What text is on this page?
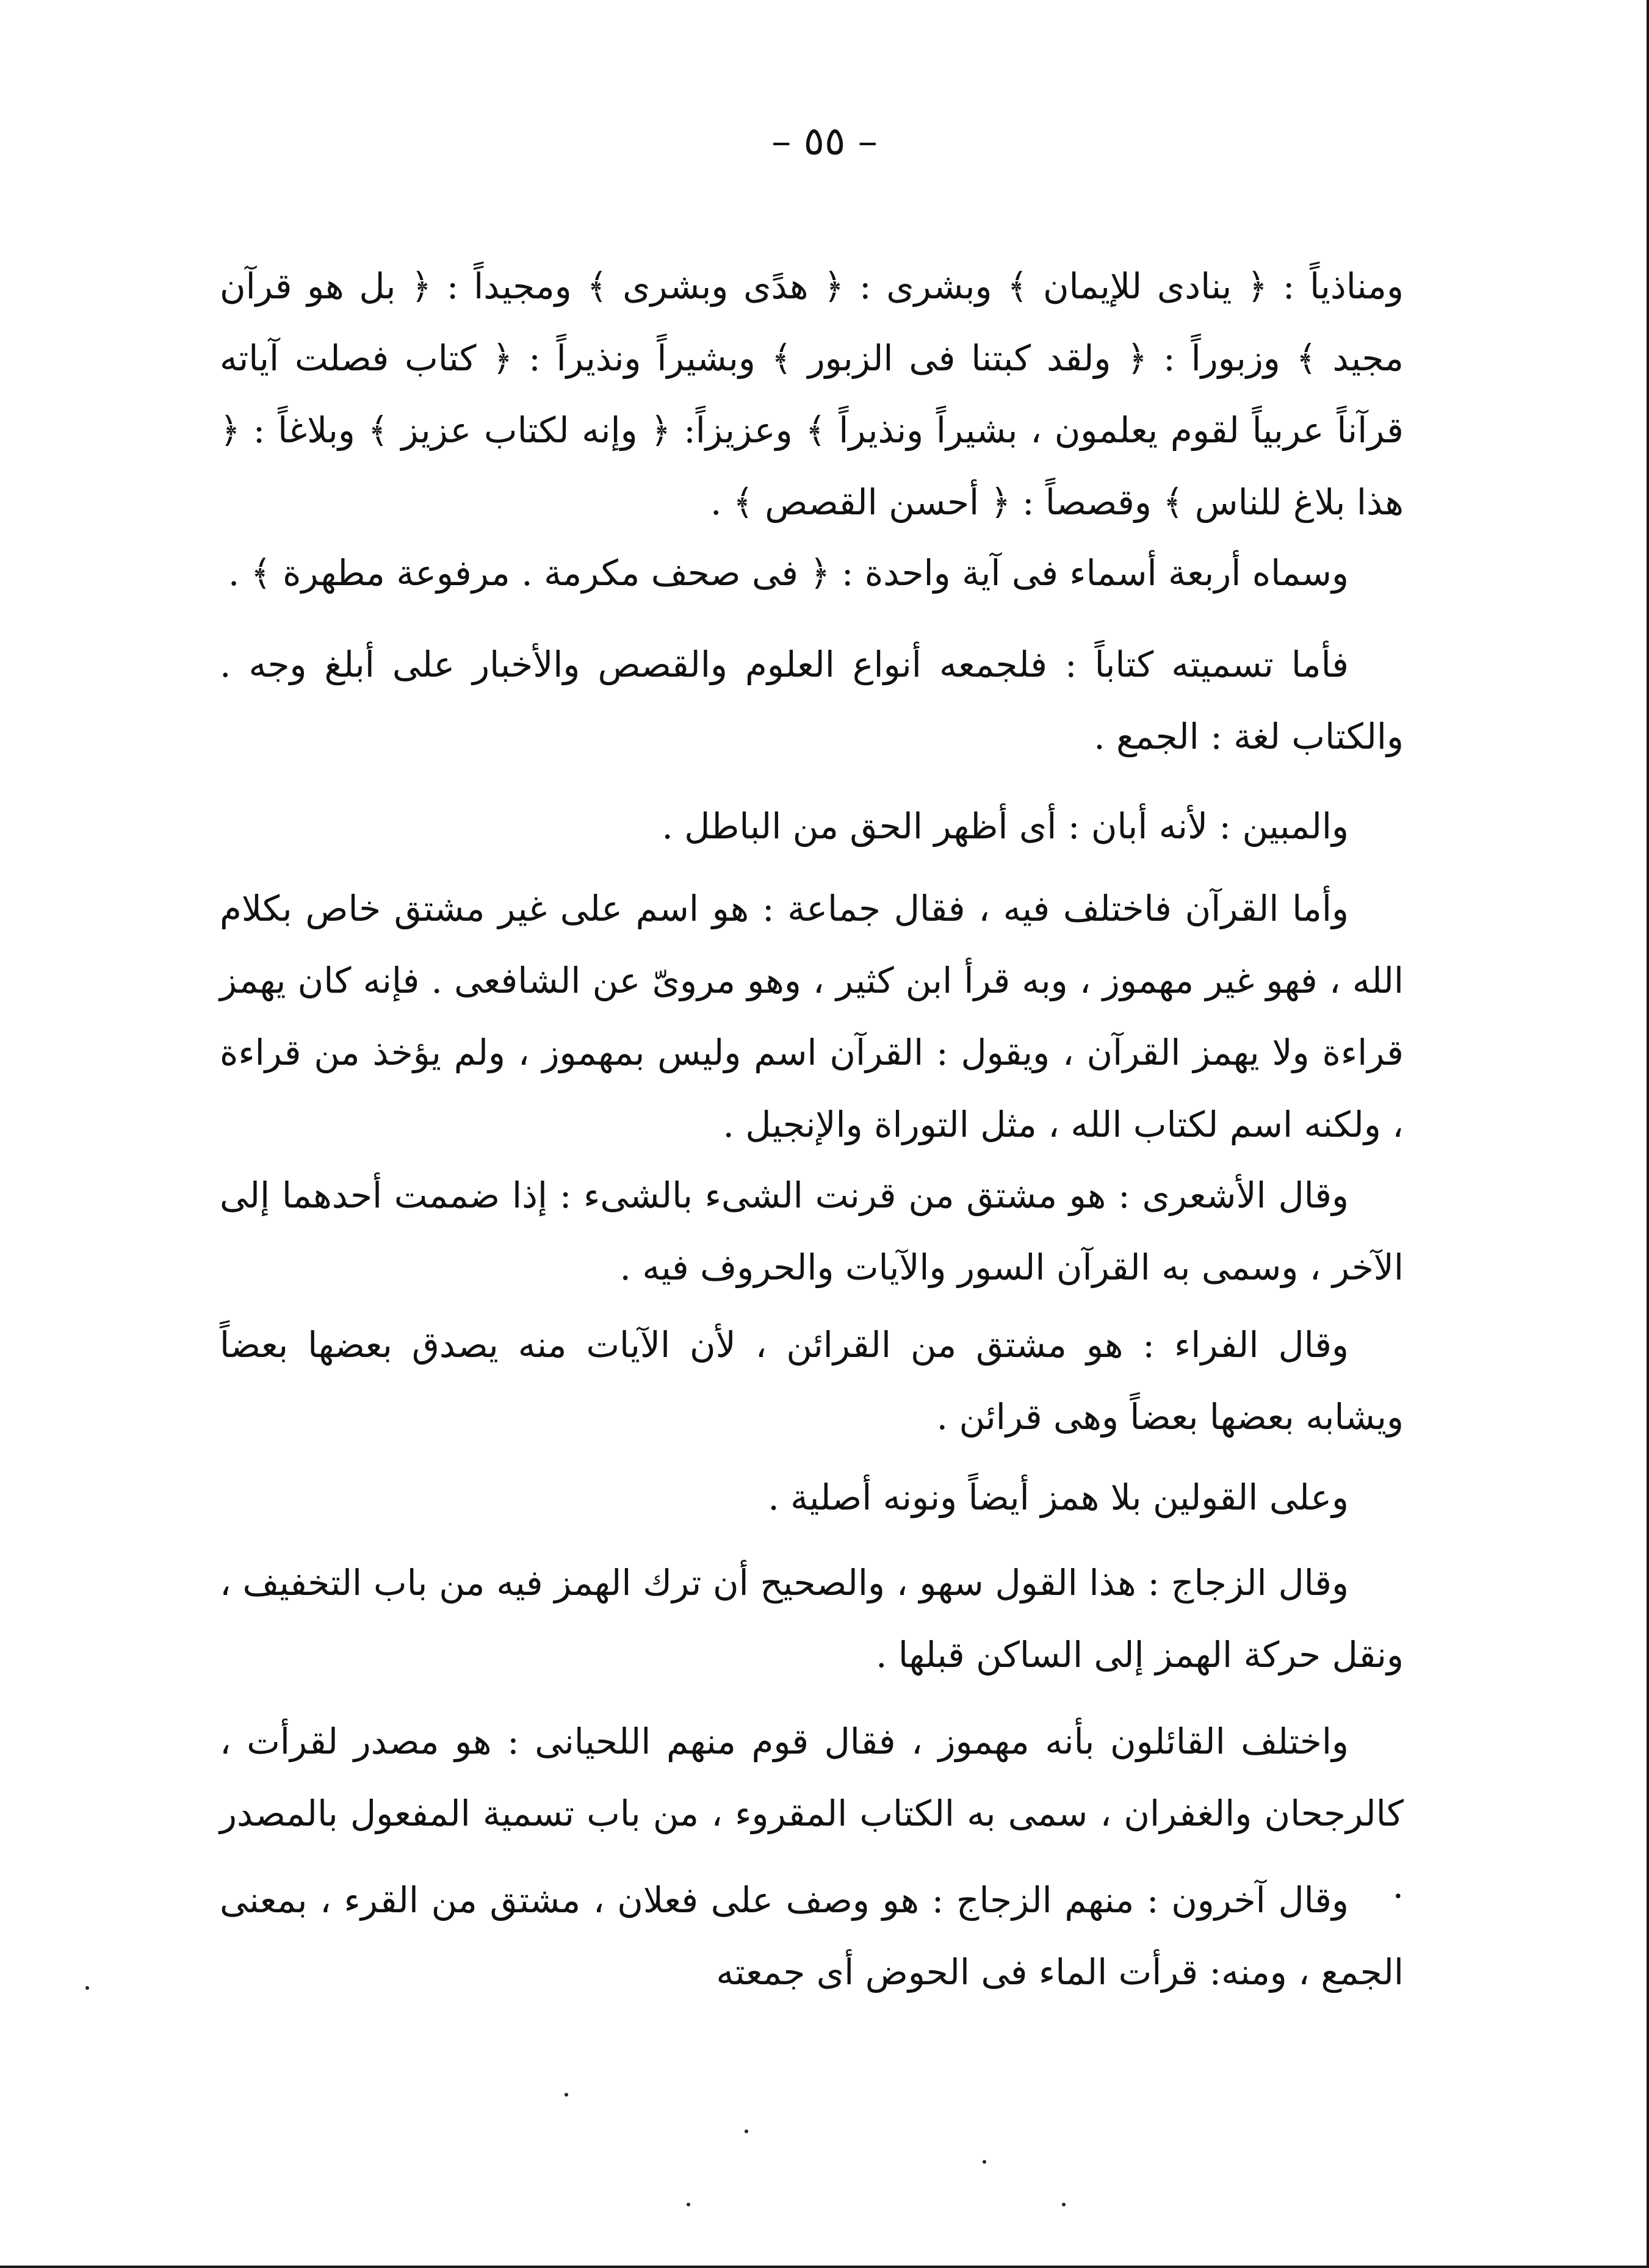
– ٥٥ –

ومناذياً : ﴿ ينادى للإيمان ﴾ وبشرى : ﴿ هدًى وبشرى ﴾ ومجيداً : ﴿ بل هو قرآن مجيد ﴾ وزبوراً : ﴿ ولقد كبتنا فى الزبور ﴾ وبشيراً ونذيراً : ﴿ كتاب فصلت آياته قرآناً عربياً لقوم يعلمون ، بشيراً ونذيراً ﴾ وعزيزاً: ﴿ وإنه لكتاب عزيز ﴾ وبلاغاً : ﴿ هذا بلاغ للناس ﴾ وقصصاً : ﴿ أحسن القصص ﴾ .

وسماه أربعة أسماء فى آية واحدة : ﴿ فى صحف مكرمة . مرفوعة مطهرة ﴾ .

فأما تسميته كتاباً : فلجمعه أنواع العلوم والقصص والأخبار على أبلغ وجه . والكتاب لغة : الجمع .

والمبين : لأنه أبان : أى أظهر الحق من الباطل .

وأما القرآن فاختلف فيه ، فقال جماعة : هو اسم على غير مشتق خاص بكلام الله ، فهو غير مهموز ، وبه قرأ ابن كثير ، وهو مروىّ عن الشافعى . فإنه كان يهمز قراءة ولا يهمز القرآن ، ويقول : القرآن اسم وليس بمهموز ، ولم يؤخذ من قراءة ، ولكنه اسم لكتاب الله ، مثل التوراة والإنجيل .

وقال الأشعرى : هو مشتق من قرنت الشىء بالشىء : إذا ضممت أحدهما إلى الآخر ، وسمى به القرآن السور والآيات والحروف فيه .

وقال الفراء : هو مشتق من القرائن ، لأن الآيات منه يصدق بعضها بعضاً ويشابه بعضها بعضاً وهى قرائن .

وعلى القولين بلا همز أيضاً ونونه أصلية .

وقال الزجاج : هذا القول سهو ، والصحيح أن ترك الهمز فيه من باب التخفيف ، ونقل حركة الهمز إلى الساكن قبلها .

واختلف القائلون بأنه مهموز ، فقال قوم منهم اللحيانى : هو مصدر لقرأت ، كالرجحان والغفران ، سمى به الكتاب المقروء ، من باب تسمية المفعول بالمصدر .

وقال آخرون : منهم الزجاج : هو وصف على فعلان ، مشتق من القرء ، بمعنى الجمع ، ومنه: قرأت الماء فى الحوض أى جمعته
